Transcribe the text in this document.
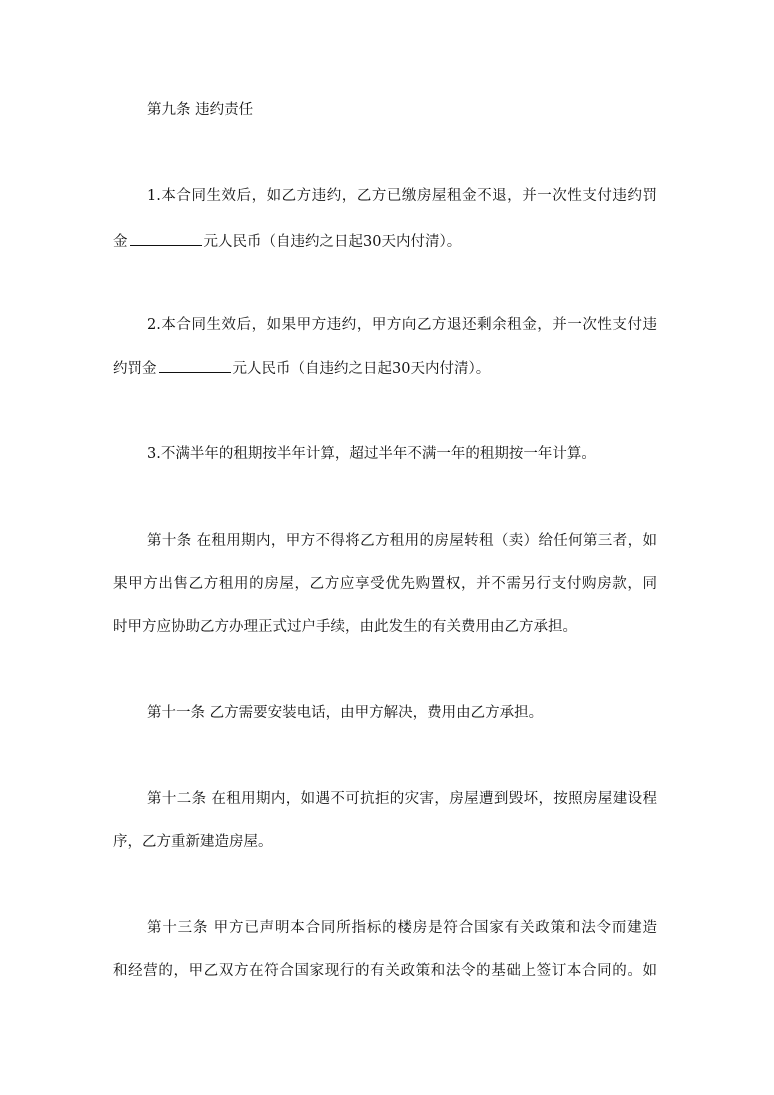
第九条 违约责任
1.本合同生效后，如乙方违约，乙方已缴房屋租金不退，并一次性支付违约罚
金	元人民币（自违约之日起30天内付清）。
2.本合同生效后，如果甲方违约，甲方向乙方退还剩余租金，并一次性支付违
约罚金	元人民币（自违约之日起30天内付清）。
3.不满半年的租期按半年计算，超过半年不满一年的租期按一年计算。
第十条 在租用期内，甲方不得将乙方租用的房屋转租（卖）给任何第三者，如
果甲方出售乙方租用的房屋，乙方应享受优先购置权，并不需另行支付购房款，同
时甲方应协助乙方办理正式过户手续，由此发生的有关费用由乙方承担。
第十一条 乙方需要安装电话，由甲方解决，费用由乙方承担。
第十二条 在租用期内，如遇不可抗拒的灾害，房屋遭到毁坏，按照房屋建设程
序，乙方重新建造房屋。
第十三条 甲方已声明本合同所指标的楼房是符合国家有关政策和法令而建造
和经营的，甲乙双方在符合国家现行的有关政策和法令的基础上签订本合同的。如
